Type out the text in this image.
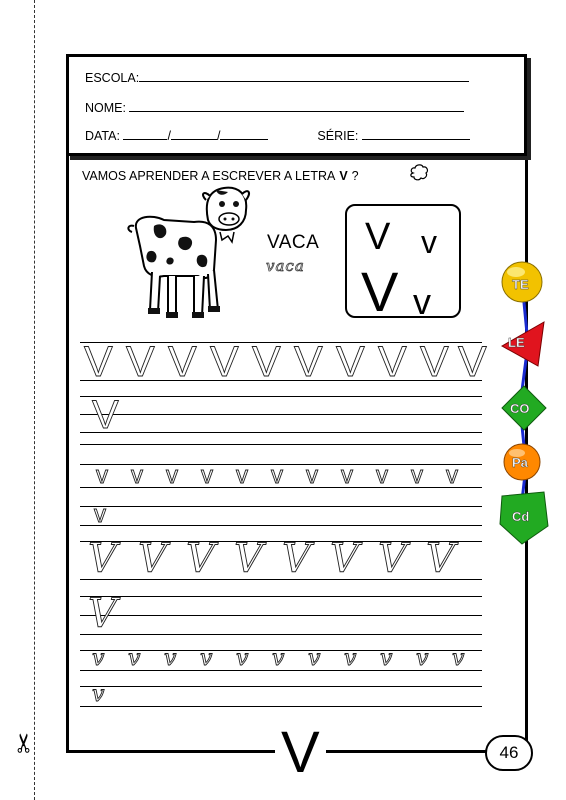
✂
ESCOLA:
NOME:
DATA:	/	/	SÉRIE:
VAMOS APRENDER A ESCREVER A LETRA V ?
VACA
vaca
V v
V v
V V V V V V V V V V
V
v v v v v v v v v v v
v
V V V V V V V V
V
v v v v v v v v v v v
v
TE
LE
CO
Pa
Cd
V	46
